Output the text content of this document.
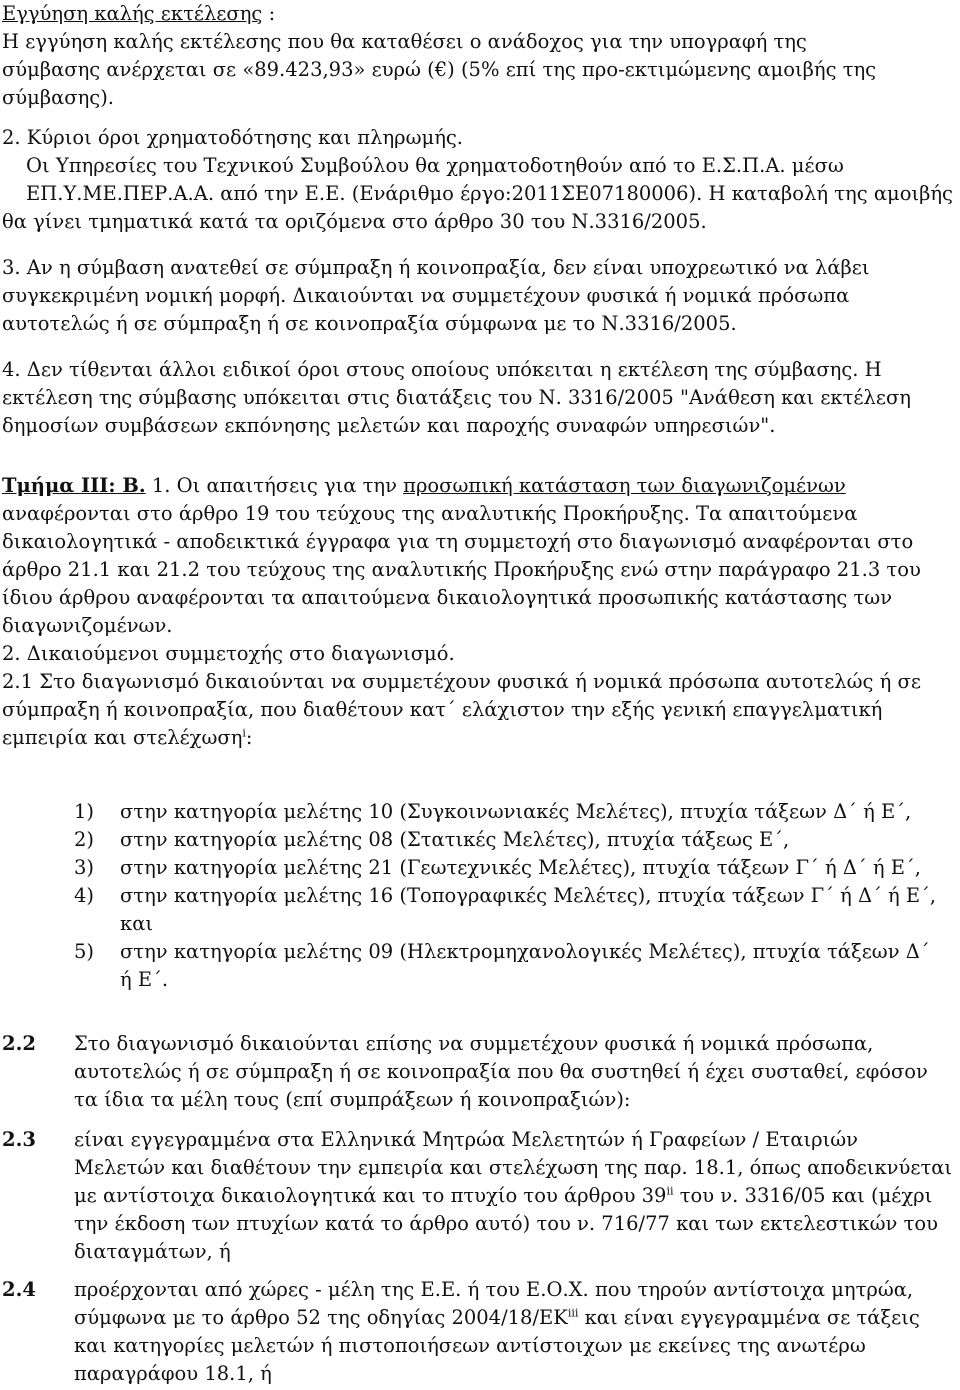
Εγγύηση καλής εκτέλεσης :
Η εγγύηση καλής εκτέλεσης που θα καταθέσει ο ανάδοχος για την υπογραφή της
σύμβασης ανέρχεται σε «89.423,93» ευρώ (€) (5% επί της προ-εκτιμώμενης αμοιβής της
σύμβασης).
2. Κύριοι όροι χρηματοδότησης και πληρωμής.
Οι Υπηρεσίες του Τεχνικού Συμβούλου θα χρηματοδοτηθούν από το Ε.Σ.Π.Α. μέσω
ΕΠ.Υ.ΜΕ.ΠΕΡ.Α.Α. από την Ε.Ε. (Ενάριθμο έργο:2011ΣΕ07180006). Η καταβολή της αμοιβής
θα γίνει τμηματικά κατά τα οριζόμενα στο άρθρο 30 του Ν.3316/2005.
3. Αν η σύμβαση ανατεθεί σε σύμπραξη ή κοινοπραξία, δεν είναι υποχρεωτικό να λάβει
συγκεκριμένη νομική μορφή. Δικαιούνται να συμμετέχουν φυσικά ή νομικά πρόσωπα
αυτοτελώς ή σε σύμπραξη ή σε κοινοπραξία σύμφωνα με το Ν.3316/2005.
4. Δεν τίθενται άλλοι ειδικοί όροι στους οποίους υπόκειται η εκτέλεση της σύμβασης. Η
εκτέλεση της σύμβασης υπόκειται στις διατάξεις του Ν. 3316/2005 "Ανάθεση και εκτέλεση
δημοσίων συμβάσεων εκπόνησης μελετών και παροχής συναφών υπηρεσιών".
Τμήμα ΙΙΙ: Β. 1. Οι απαιτήσεις για την προσωπική κατάσταση των διαγωνιζομένων
αναφέρονται στο άρθρο 19 του τεύχους της αναλυτικής Προκήρυξης. Τα απαιτούμενα
δικαιολογητικά - αποδεικτικά έγγραφα για τη συμμετοχή στο διαγωνισμό αναφέρονται στο
άρθρο 21.1 και 21.2 του τεύχους της αναλυτικής Προκήρυξης ενώ στην παράγραφο 21.3 του
ίδιου άρθρου αναφέρονται τα απαιτούμενα δικαιολογητικά προσωπικής κατάστασης των
διαγωνιζομένων.
2. Δικαιούμενοι συμμετοχής στο διαγωνισμό.
2.1 Στο διαγωνισμό δικαιούνται να συμμετέχουν φυσικά ή νομικά πρόσωπα αυτοτελώς ή σε
σύμπραξη ή κοινοπραξία, που διαθέτουν κατ΄ ελάχιστον την εξής γενική επαγγελματική
εμπειρία και στελέχωση$^i$:
1) στην κατηγορία μελέτης 10 (Συγκοινωνιακές Μελέτες), πτυχία τάξεων Δ΄ ή Ε΄,
2) στην κατηγορία μελέτης 08 (Στατικές Μελέτες), πτυχία τάξεως Ε΄,
3) στην κατηγορία μελέτης 21 (Γεωτεχνικές Μελέτες), πτυχία τάξεων Γ΄ ή Δ΄ ή Ε΄,
4) στην κατηγορία μελέτης 16 (Τοπογραφικές Μελέτες), πτυχία τάξεων Γ΄ ή Δ΄ ή Ε΄,
και
5) στην κατηγορία μελέτης 09 (Ηλεκτρομηχανολογικές Μελέτες), πτυχία τάξεων Δ΄
ή Ε΄.
2.2 Στο διαγωνισμό δικαιούνται επίσης να συμμετέχουν φυσικά ή νομικά πρόσωπα,
αυτοτελώς ή σε σύμπραξη ή σε κοινοπραξία που θα συστηθεί ή έχει συσταθεί, εφόσον
τα ίδια τα μέλη τους (επί συμπράξεων ή κοινοπραξιών):
2.3 είναι εγγεγραμμένα στα Ελληνικά Μητρώα Μελετητών ή Γραφείων / Εταιριών
Μελετών και διαθέτουν την εμπειρία και στελέχωση της παρ. 18.1, όπως αποδεικνύεται
με αντίστοιχα δικαιολογητικά και το πτυχίο του άρθρου 39$^{ii}$ του ν. 3316/05 και (μέχρι
την έκδοση των πτυχίων κατά το άρθρο αυτό) του ν. 716/77 και των εκτελεστικών του
διαταγμάτων, ή
2.4 προέρχονται από χώρες - μέλη της Ε.Ε. ή του Ε.Ο.Χ. που τηρούν αντίστοιχα μητρώα,
σύμφωνα με το άρθρο 52 της οδηγίας 2004/18/ΕΚ$^{iii}$ και είναι εγγεγραμμένα σε τάξεις
και κατηγορίες μελετών ή πιστοποιήσεων αντίστοιχων με εκείνες της ανωτέρω
παραγράφου 18.1, ή
